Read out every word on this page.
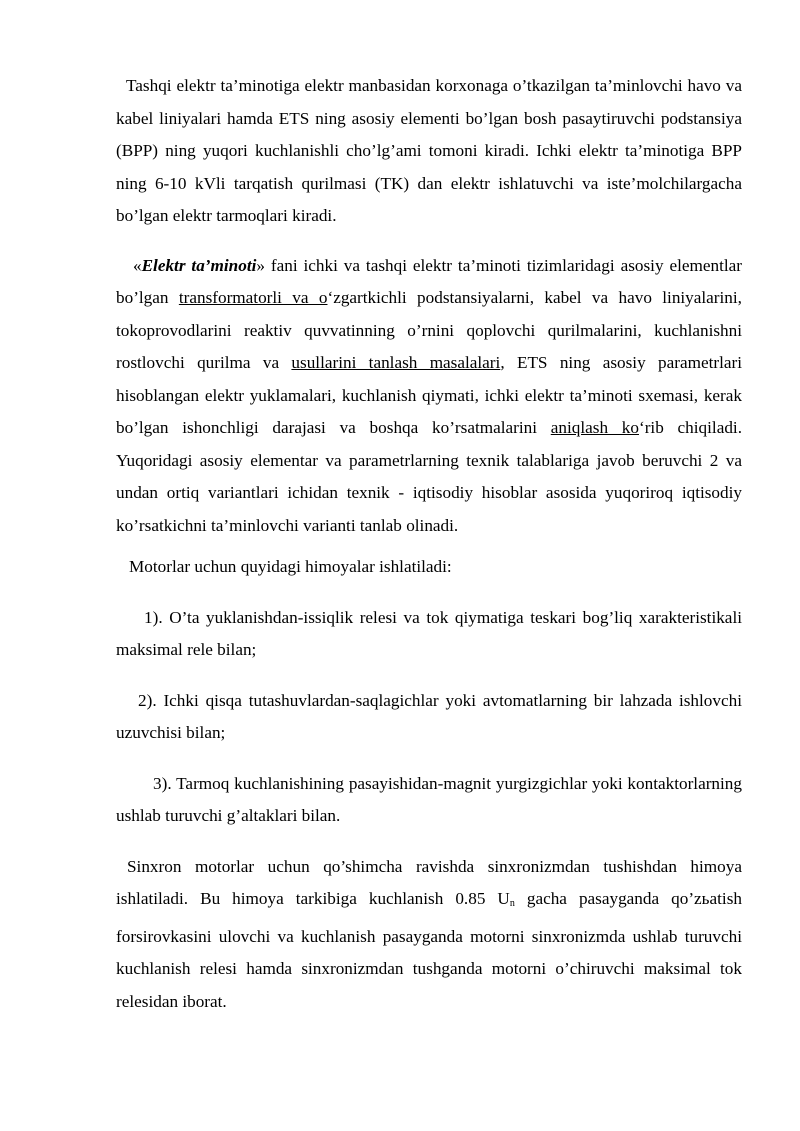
Tashqi elektr ta’minotiga elektr manbasidan korxonaga o’tkazilgan ta’minlovchi havo va kabel liniyalari hamda ETS ning asosiy elementi bo’lgan bosh pasaytiruvchi podstansiya (BPP) ning yuqori kuchlanishli cho’lg’ami tomoni kiradi. Ichki elektr ta’minotiga BPP ning 6-10 kVli tarqatish qurilmasi (TK) dan elektr ishlatuvchi va iste’molchilargacha bo’lgan elektr tarmoqlari kiradi.

«Elektr ta’minoti» fani ichki va tashqi elektr ta’minoti tizimlaridagi asosiy elementlar bo’lgan transformatorli va o‘zgartkichli podstansiyalarni, kabel va havo liniyalarini, tokoprovodlarini reaktiv quvvatinning o’rnini qoplovchi qurilmalarini, kuchlanishni rostlovchi qurilma va usullarini tanlash masalalari, ETS ning asosiy parametrlari hisoblangan elektr yuklamalari, kuchlanish qiymati, ichki elektr ta’minoti sxemasi, kerak bo’lgan ishonchligi darajasi va boshqa ko’rsatmalarini aniqlash ko‘rib chiqiladi. Yuqoridagi asosiy elementar va parametrlarning texnik talablariga javob beruvchi 2 va undan ortiq variantlari ichidan texnik - iqtisodiy hisoblar asosida yuqoriroq iqtisodiy ko’rsatkichni ta’minlovchi varianti tanlab olinadi.

Motorlar uchun quyidagi himoyalar ishlatiladi:

1). O’ta yuklanishdan-issiqlik relesi va tok qiymatiga teskari bog’liq xarakteristikali maksimal rele bilan;

2). Ichki qisqa tutashuvlardan-saqlagichlar yoki avtomatlarning bir lahzada ishlovchi uzuvchisi bilan;

3). Tarmoq kuchlanishining pasayishidan-magnit yurgizgichlar yoki kontaktorlarning ushlab turuvchi g’altaklari bilan.

Sinxron motorlar uchun qo’shimcha ravishda sinxronizmdan tushishdan himoya ishlatiladi. Bu himoya tarkibiga kuchlanish 0.85 $U_n$ gacha pasayganda qo’zьatish forsirovkasini ulovchi va kuchlanish pasayganda motorni sinxronizmda ushlab turuvchi kuchlanish relesi hamda sinxronizmdan tushganda motorni o’chiruvchi maksimal tok relesidan iborat.
